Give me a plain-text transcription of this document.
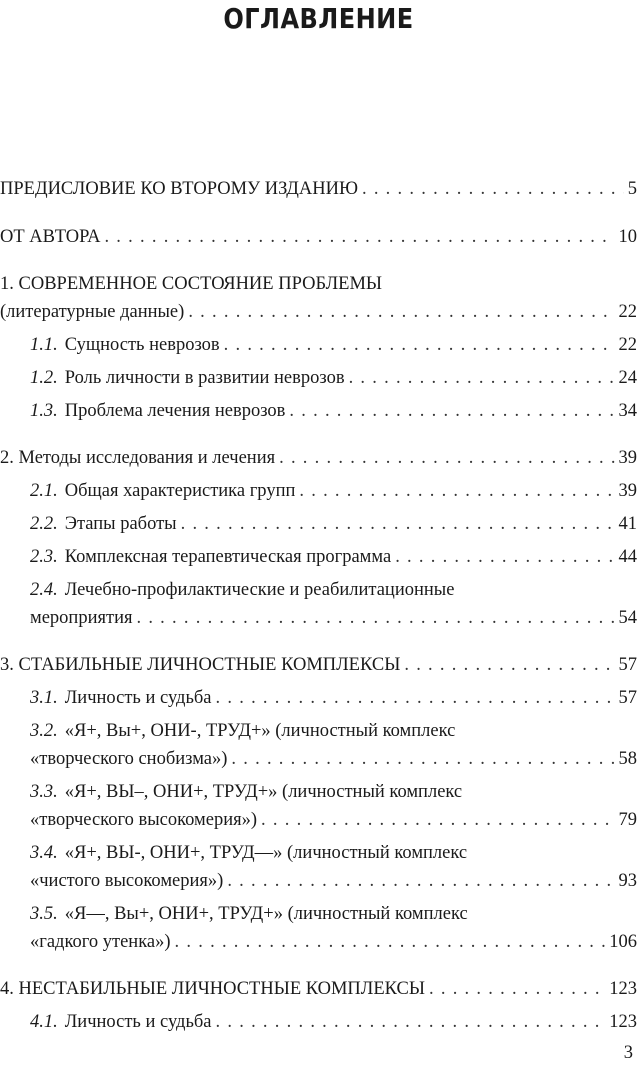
ОГЛАВЛЕНИЕ
ПРЕДИСЛОВИЕ КО ВТОРОМУ ИЗДАНИЮ . . .	5
ОТ АВТОРА . . .	10
1. СОВРЕМЕННОЕ СОСТОЯНИЕ ПРОБЛЕМЫ
(литературные данные) . . .	22
1.1. Сущность неврозов . . .	22
1.2. Роль личности в развитии неврозов . . .	24
1.3. Проблема лечения неврозов . . .	34
2. Методы исследования и лечения . . .	39
2.1. Общая характеристика групп . . .	39
2.2. Этапы работы . . .	41
2.3. Комплексная терапевтическая программа . . .	44
2.4. Лечебно-профилактические и реабилитационные
мероприятия . . .	54
3. СТАБИЛЬНЫЕ ЛИЧНОСТНЫЕ КОМПЛЕКСЫ . . .	57
3.1. Личность и судьба . . .	57
3.2. «Я+, Вы+, ОНИ-, ТРУД+» (личностный комплекс
«творческого снобизма») . . .	58
3.3. «Я+, ВЫ–, ОНИ+, ТРУД+» (личностный комплекс
«творческого высокомерия») . . .	79
3.4. «Я+, ВЫ-, ОНИ+, ТРУД—» (личностный комплекс
«чистого высокомерия») . . .	93
3.5. «Я—, Вы+, ОНИ+, ТРУД+» (личностный комплекс
«гадкого утенка») . . .	106
4. НЕСТАБИЛЬНЫЕ ЛИЧНОСТНЫЕ КОМПЛЕКСЫ . . .	123
4.1. Личность и судьба . . .	123
3
